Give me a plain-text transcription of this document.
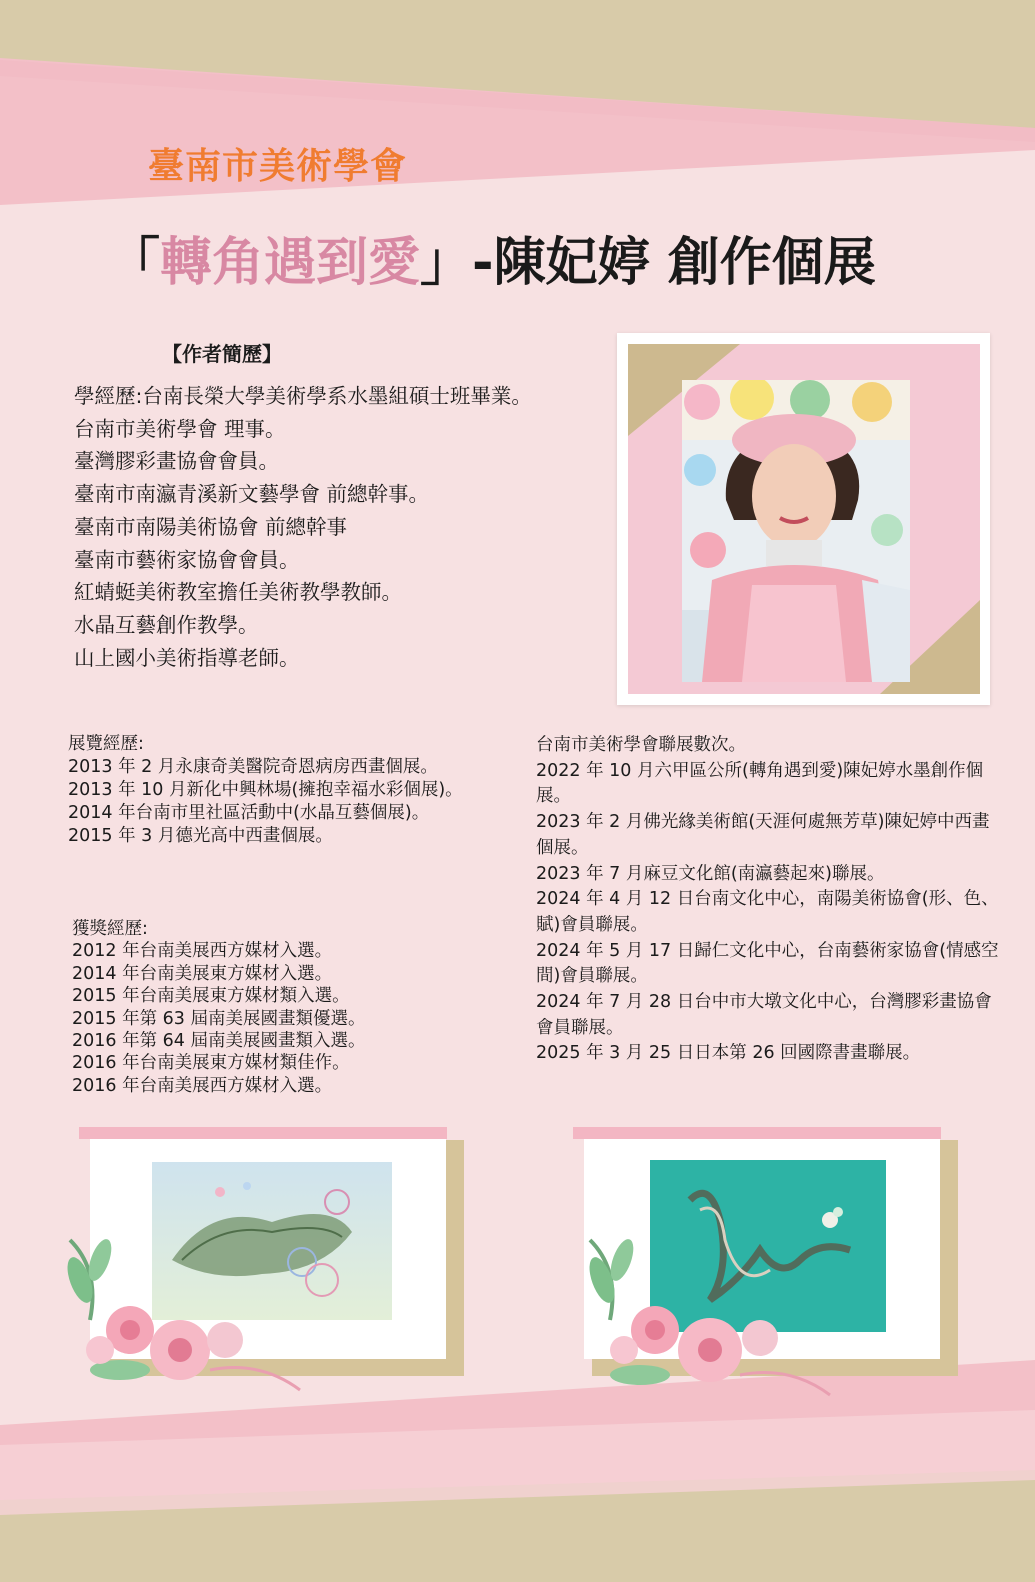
臺南市美術學會
「轉角遇到愛」-陳妃婷 創作個展
【作者簡歷】
學經歷:台南長榮大學美術學系水墨組碩士班畢業。
台南市美術學會 理事。
臺灣膠彩畫協會會員。
臺南市南瀛青溪新文藝學會 前總幹事。
臺南市南陽美術協會 前總幹事
臺南市藝術家協會會員。
紅蜻蜓美術教室擔任美術教學教師。
水晶互藝創作教學。
山上國小美術指導老師。
展覽經歷:
2013 年 2 月永康奇美醫院奇恩病房西畫個展。
2013 年 10 月新化中興林場(擁抱幸福水彩個展)。
2014 年台南市里社區活動中(水晶互藝個展)。
2015 年 3 月德光高中西畫個展。
獲獎經歷:
2012 年台南美展西方媒材入選。
2014 年台南美展東方媒材入選。
2015 年台南美展東方媒材類入選。
2015 年第 63 屆南美展國畫類優選。
2016 年第 64 屆南美展國畫類入選。
2016 年台南美展東方媒材類佳作。
2016 年台南美展西方媒材入選。
台南市美術學會聯展數次。
2022 年 10 月六甲區公所(轉角遇到愛)陳妃婷水墨創作個展。
2023 年 2 月佛光緣美術館(天涯何處無芳草)陳妃婷中西畫個展。
2023 年 7 月麻豆文化館(南瀛藝起來)聯展。
2024 年 4 月 12 日台南文化中心，南陽美術協會(形、色、賦)會員聯展。
2024 年 5 月 17 日歸仁文化中心，台南藝術家協會(情感空間)會員聯展。
2024 年 7 月 28 日台中市大墩文化中心，台灣膠彩畫協會會員聯展。
2025 年 3 月 25 日日本第 26 回國際書畫聯展。
